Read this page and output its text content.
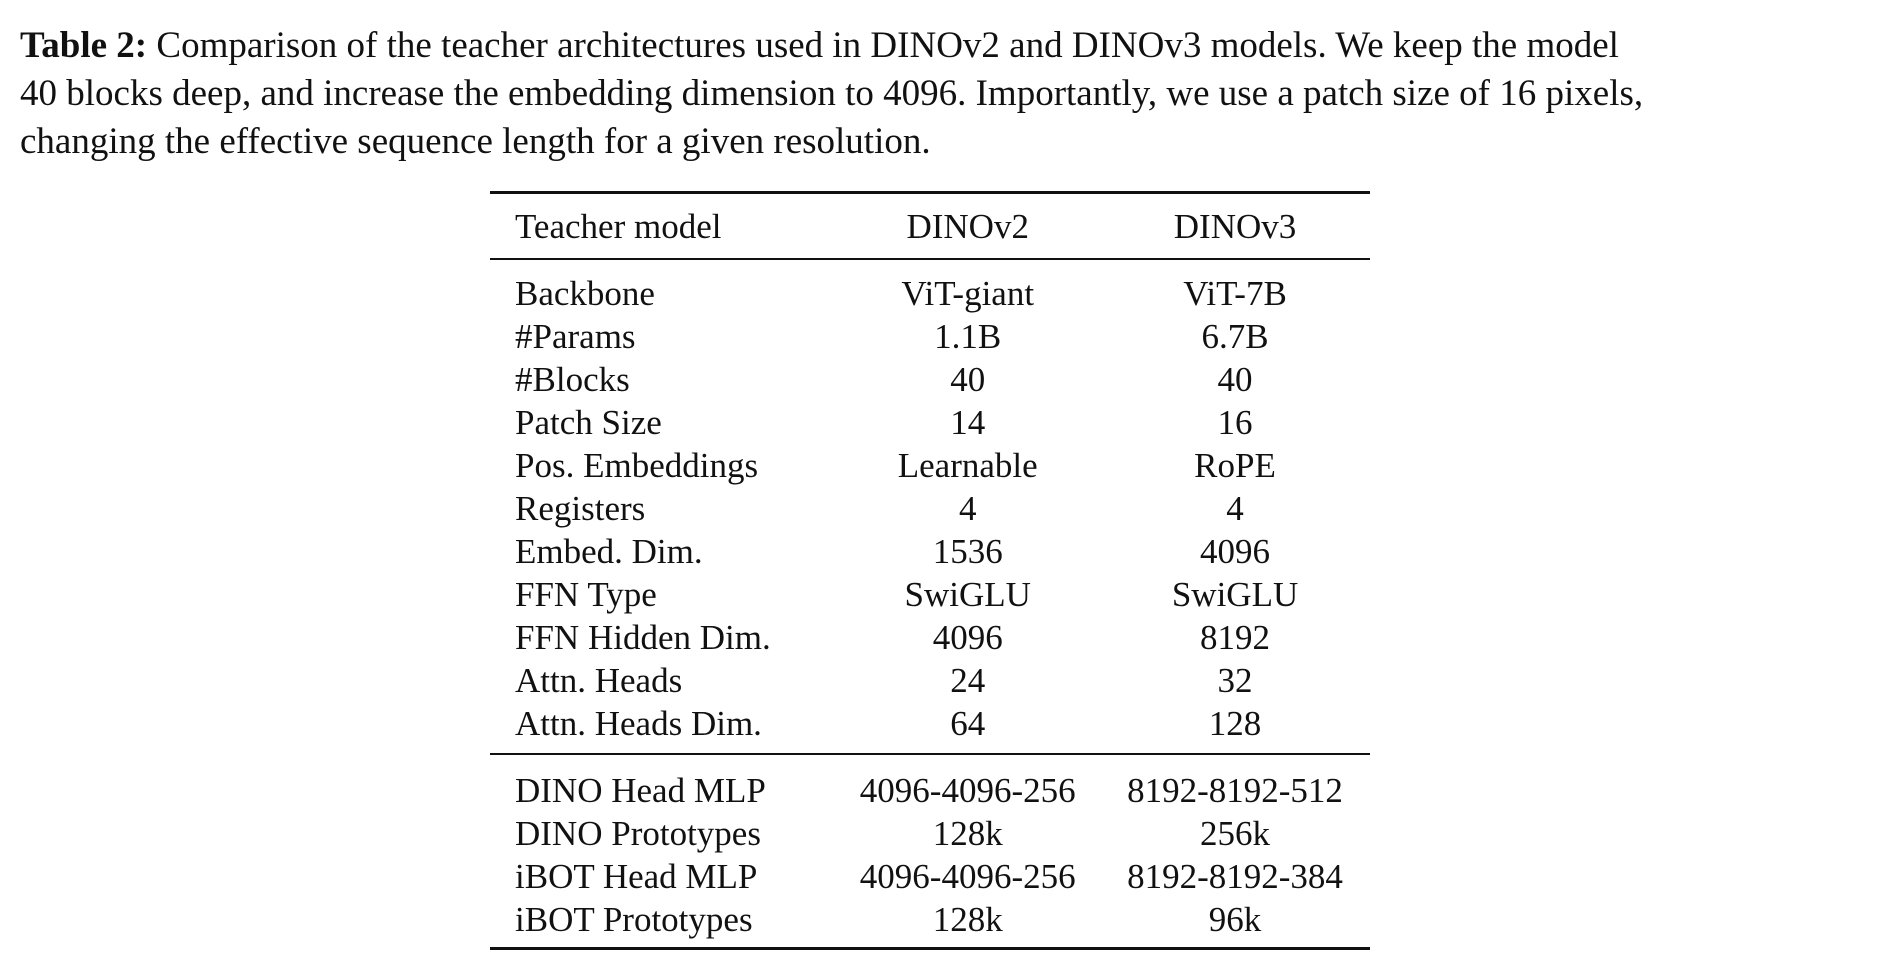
Table 2: Comparison of the teacher architectures used in DINOv2 and DINOv3 models. We keep the model
40 blocks deep, and increase the embedding dimension to 4096. Importantly, we use a patch size of 16 pixels,
changing the effective sequence length for a given resolution.
Teacher model	DINOv2	DINOv3
Backbone	ViT-giant	ViT-7B
#Params	1.1B	6.7B
#Blocks	40	40
Patch Size	14	16
Pos. Embeddings	Learnable	RoPE
Registers	4	4
Embed. Dim.	1536	4096
FFN Type	SwiGLU	SwiGLU
FFN Hidden Dim.	4096	8192
Attn. Heads	24	32
Attn. Heads Dim.	64	128
DINO Head MLP	4096-4096-256	8192-8192-512
DINO Prototypes	128k	256k
iBOT Head MLP	4096-4096-256	8192-8192-384
iBOT Prototypes	128k	96k
